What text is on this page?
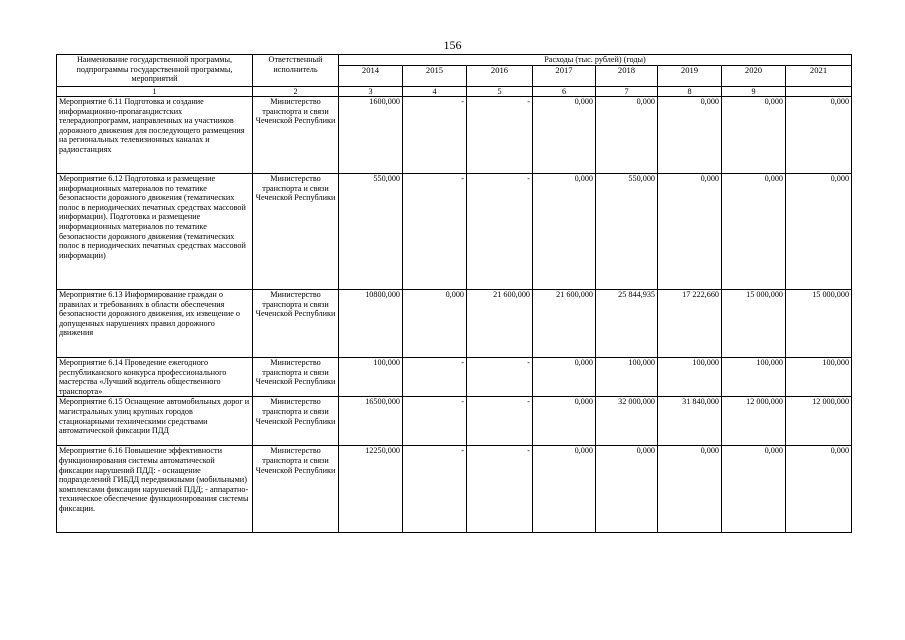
156
Наименование государственной программы, подпрограммы государственной программы, мероприятий	Ответственный исполнитель	Расходы (тыс. рублей) (годы)							
		2014	2015	2016	2017	2018	2019	2020	2021
1	2	3	4	5	6	7	8	9	
Мероприятие 6.11 Подготовка и создание информационно-пропагандистских телерадиопрограмм, направленных на участников дорожного движения для последующего размещения на региональных телевизионных каналах и радиостанциях	Министерство транспорта и связи Чеченской Республики	1600,000	-	-	0,000	0,000	0,000	0,000	0,000
Мероприятие 6.12 Подготовка и размещение информационных материалов по тематике безопасности дорожного движения (тематических полос в периодических печатных средствах массовой информации). Подготовка и размещение информационных материалов по тематике безопасности дорожного движения (тематических полос в периодических печатных средствах массовой информации)	Министерство транспорта и связи Чеченской Республики	550,000	-	-	0,000	550,000	0,000	0,000	0,000
Мероприятие 6.13 Информирование граждан о правилах и требованиях в области обеспечения безопасности дорожного движения, их извещение о допущенных нарушениях правил дорожного движения	Министерство транспорта и связи Чеченской Республики	10800,000	0,000	21 600,000	21 600,000	25 844,935	17 222,660	15 000,000	15 000,000
Мероприятие 6.14 Проведение ежегодного республиканского конкурса профессионального мастерства «Лучший водитель общественного транспорта»	Министерство транспорта и связи Чеченской Республики	100,000	-	-	0,000	100,000	100,000	100,000	100,000
Мероприятие 6.15 Оснащение автомобильных дорог и магистральных улиц крупных городов стационарными техническими средствами автоматической фиксации ПДД	Министерство транспорта и связи Чеченской Республики	16500,000	-	-	0,000	32 000,000	31 840,000	12 000,000	12 000,000
Мероприятие 6.16 Повышение эффективности функционирования системы автоматической фиксации нарушений ПДД: - оснащение подразделений ГИБДД передвижными (мобильными) комплексами фиксации нарушений ПДД; - аппаратно-техническое обеспечение функционирования системы фиксации.	Министерство транспорта и связи Чеченской Республики	12250,000	-	-	0,000	0,000	0,000	0,000	0,000
